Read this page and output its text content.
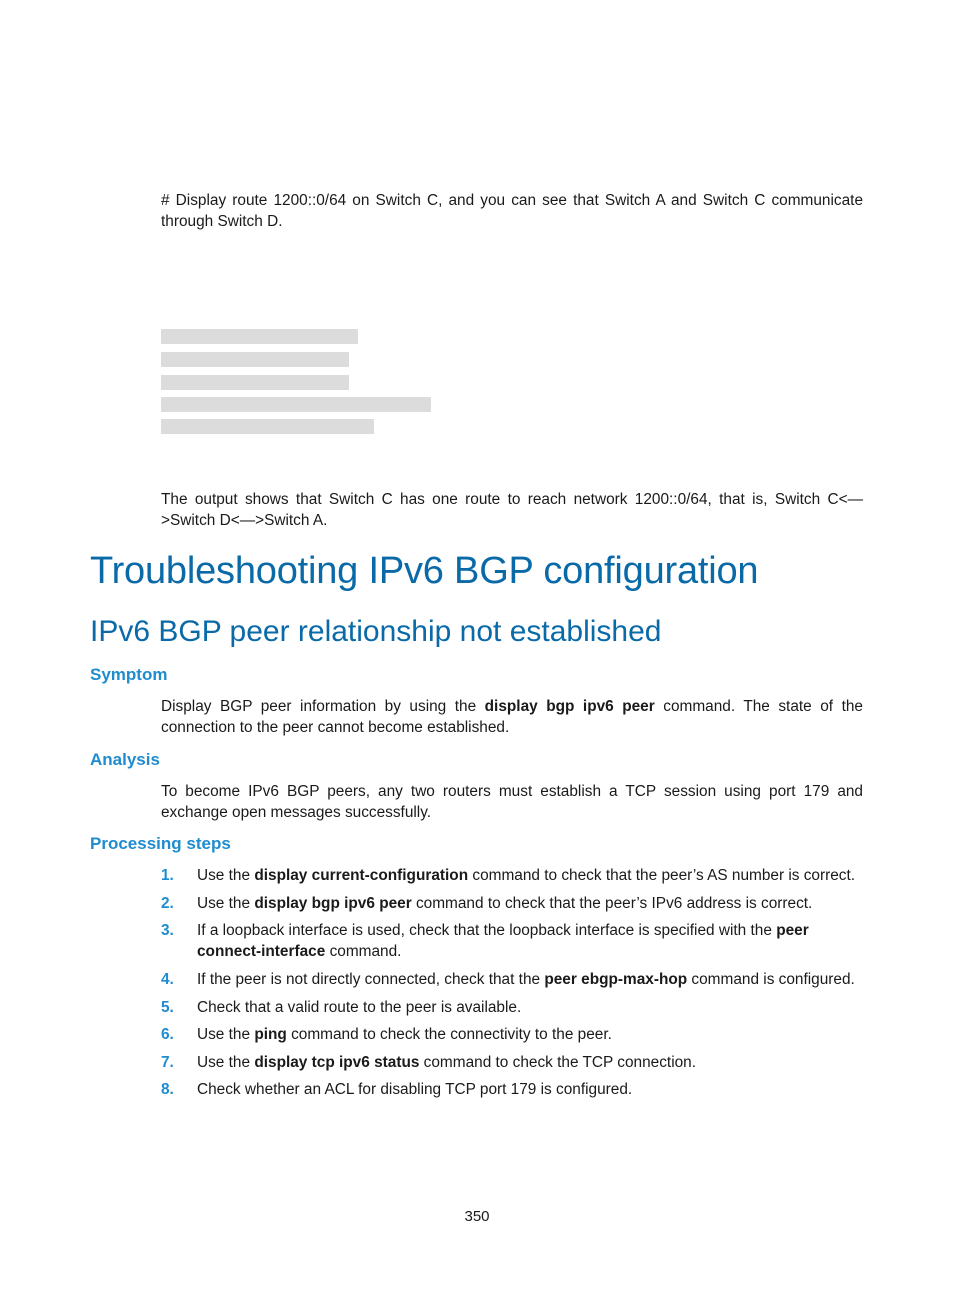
# Display route 1200::0/64 on Switch C, and you can see that Switch A and Switch C communicate through Switch D.
The output shows that Switch C has one route to reach network 1200::0/64, that is, Switch C<—>Switch D<—>Switch A.
Troubleshooting IPv6 BGP configuration
IPv6 BGP peer relationship not established
Symptom
Display BGP peer information by using the display bgp ipv6 peer command. The state of the connection to the peer cannot become established.
Analysis
To become IPv6 BGP peers, any two routers must establish a TCP session using port 179 and exchange open messages successfully.
Processing steps
1. Use the display current-configuration command to check that the peer’s AS number is correct.
2. Use the display bgp ipv6 peer command to check that the peer’s IPv6 address is correct.
3. If a loopback interface is used, check that the loopback interface is specified with the peer connect-interface command.
4. If the peer is not directly connected, check that the peer ebgp-max-hop command is configured.
5. Check that a valid route to the peer is available.
6. Use the ping command to check the connectivity to the peer.
7. Use the display tcp ipv6 status command to check the TCP connection.
8. Check whether an ACL for disabling TCP port 179 is configured.
350
